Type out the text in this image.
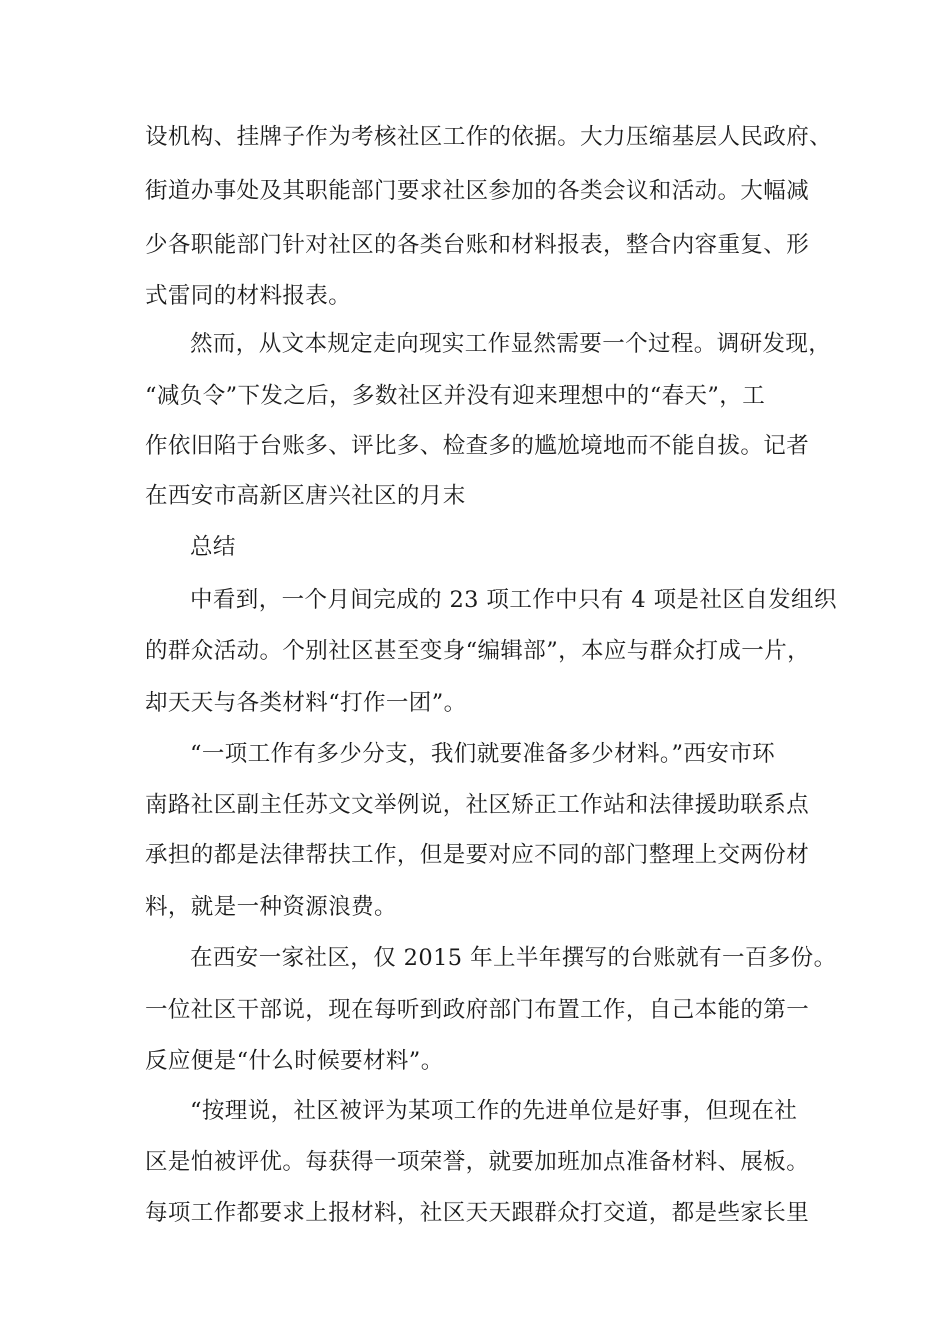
设机构、挂牌子作为考核社区工作的依据。大力压缩基层人民政府、
街道办事处及其职能部门要求社区参加的各类会议和活动。大幅减
少各职能部门针对社区的各类台账和材料报表，整合内容重复、形
式雷同的材料报表。
然而，从文本规定走向现实工作显然需要一个过程。调研发现，
“减负令”下发之后，多数社区并没有迎来理想中的“春天”，工
作依旧陷于台账多、评比多、检查多的尴尬境地而不能自拔。记者
在西安市高新区唐兴社区的月末
总结
中看到，一个月间完成的 23 项工作中只有 4 项是社区自发组织
的群众活动。个别社区甚至变身“编辑部”，本应与群众打成一片，
却天天与各类材料“打作一团”。
“一项工作有多少分支，我们就要准备多少材料。”西安市环
南路社区副主任苏文文举例说，社区矫正工作站和法律援助联系点
承担的都是法律帮扶工作，但是要对应不同的部门整理上交两份材
料，就是一种资源浪费。
在西安一家社区，仅 2015 年上半年撰写的台账就有一百多份。
一位社区干部说，现在每听到政府部门布置工作，自己本能的第一
反应便是“什么时候要材料”。
“按理说，社区被评为某项工作的先进单位是好事，但现在社
区是怕被评优。每获得一项荣誉，就要加班加点准备材料、展板。
每项工作都要求上报材料，社区天天跟群众打交道，都是些家长里
